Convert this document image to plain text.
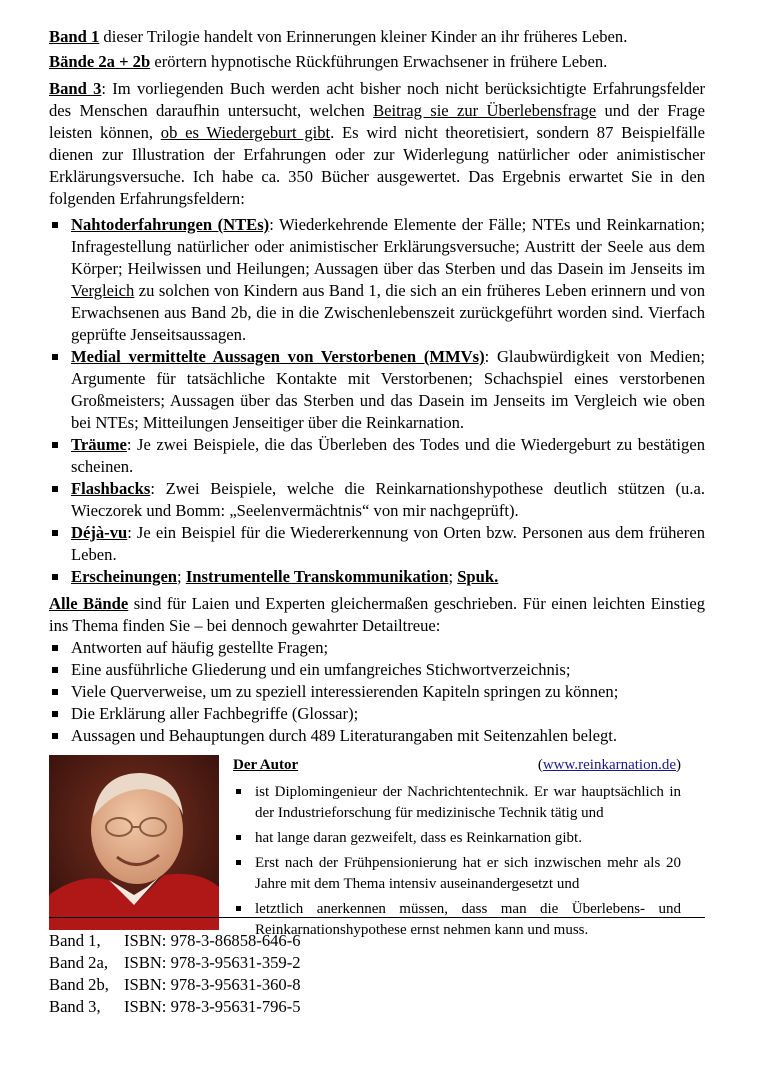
Band 1 dieser Trilogie handelt von Erinnerungen kleiner Kinder an ihr früheres Leben.

Bände 2a + 2b erörtern hypnotische Rückführungen Erwachsener in frühere Leben.

Band 3: Im vorliegenden Buch werden acht bisher noch nicht berücksichtigte Erfahrungsfelder des Menschen daraufhin untersucht, welchen Beitrag sie zur Überlebensfrage und der Frage leisten können, ob es Wiedergeburt gibt. Es wird nicht theoretisiert, sondern 87 Beispielfälle dienen zur Illustration der Erfahrungen oder zur Widerlegung natürlicher oder animistischer Erklärungsversuche. Ich habe ca. 350 Bücher ausgewertet. Das Ergebnis erwartet Sie in den folgenden Erfahrungsfeldern:

Nahtoderfahrungen (NTEs): Wiederkehrende Elemente der Fälle; NTEs und Reinkarnation; Infragestellung natürlicher oder animistischer Erklärungsversuche; Austritt der Seele aus dem Körper; Heilwissen und Heilungen; Aussagen über das Sterben und das Dasein im Jenseits im Vergleich zu solchen von Kindern aus Band 1, die sich an ein früheres Leben erinnern und von Erwachsenen aus Band 2b, die in die Zwischenlebenszeit zurückgeführt worden sind. Vierfach geprüfte Jenseitsaussagen.
Medial vermittelte Aussagen von Verstorbenen (MMVs): Glaubwürdigkeit von Medien; Argumente für tatsächliche Kontakte mit Verstorbenen; Schachspiel eines verstorbenen Großmeisters; Aussagen über das Sterben und das Dasein im Jenseits im Vergleich wie oben bei NTEs; Mitteilungen Jenseitiger über die Reinkarnation.
Träume: Je zwei Beispiele, die das Überleben des Todes und die Wiedergeburt zu bestätigen scheinen.
Flashbacks: Zwei Beispiele, welche die Reinkarnationshypothese deutlich stützen (u.a. Wieczorek und Bomm: „Seelenvermächtnis“ von mir nachgeprüft).
Déjà-vu: Je ein Beispiel für die Wiedererkennung von Orten bzw. Personen aus dem früheren Leben.
Erscheinungen; Instrumentelle Transkommunikation; Spuk.

Alle Bände sind für Laien und Experten gleichermaßen geschrieben. Für einen leichten Einstieg ins Thema finden Sie – bei dennoch gewahrter Detailtreue:

Antworten auf häufig gestellte Fragen;
Eine ausführliche Gliederung und ein umfangreiches Stichwortverzeichnis;
Viele Querverweise, um zu speziell interessierenden Kapiteln springen zu können;
Die Erklärung aller Fachbegriffe (Glossar);
Aussagen und Behauptungen durch 489 Literaturangaben mit Seitenzahlen belegt.
Der Autor	(www.reinkarnation.de)
ist Diplomingenieur der Nachrichtentechnik. Er war hauptsächlich in der Industrieforschung für medizinische Technik tätig und
hat lange daran gezweifelt, dass es Reinkarnation gibt.
Erst nach der Frühpensionierung hat er sich inzwischen mehr als 20 Jahre mit dem Thema intensiv auseinandergesetzt und
letztlich anerkennen müssen, dass man die Überlebens- und Reinkarnationshypothese ernst nehmen kann und muss.
Band 1,	ISBN: 978-3-86858-646-6
Band 2a, ISBN: 978-3-95631-359-2
Band 2b, ISBN: 978-3-95631-360-8
Band 3,	ISBN: 978-3-95631-796-5
